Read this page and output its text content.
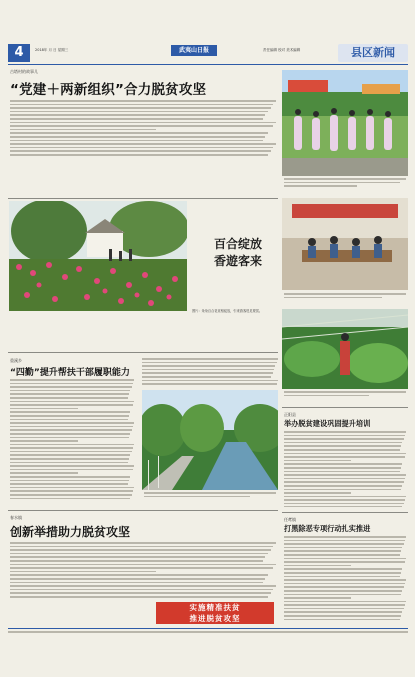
4	2018年 月 日 星期三	责任编辑 校对 美术编辑
武夷山日报	县区新闻
古塔村的故事儿
“党建＋两新组织”合力脱贫攻坚
百合绽放
香遊客来
图片：朵朵百合花竞相绽放，引来游客驻足观赏。
重溪乡
“四勤”提升帮扶干部履职能力
正阳县
举办脱贫建设巩固提升培训
任鸢镇
打黑除恶专项行动扎实推进
春水镇
创新举措助力脱贫攻坚
实施精准扶贫
推进脱贫攻坚
